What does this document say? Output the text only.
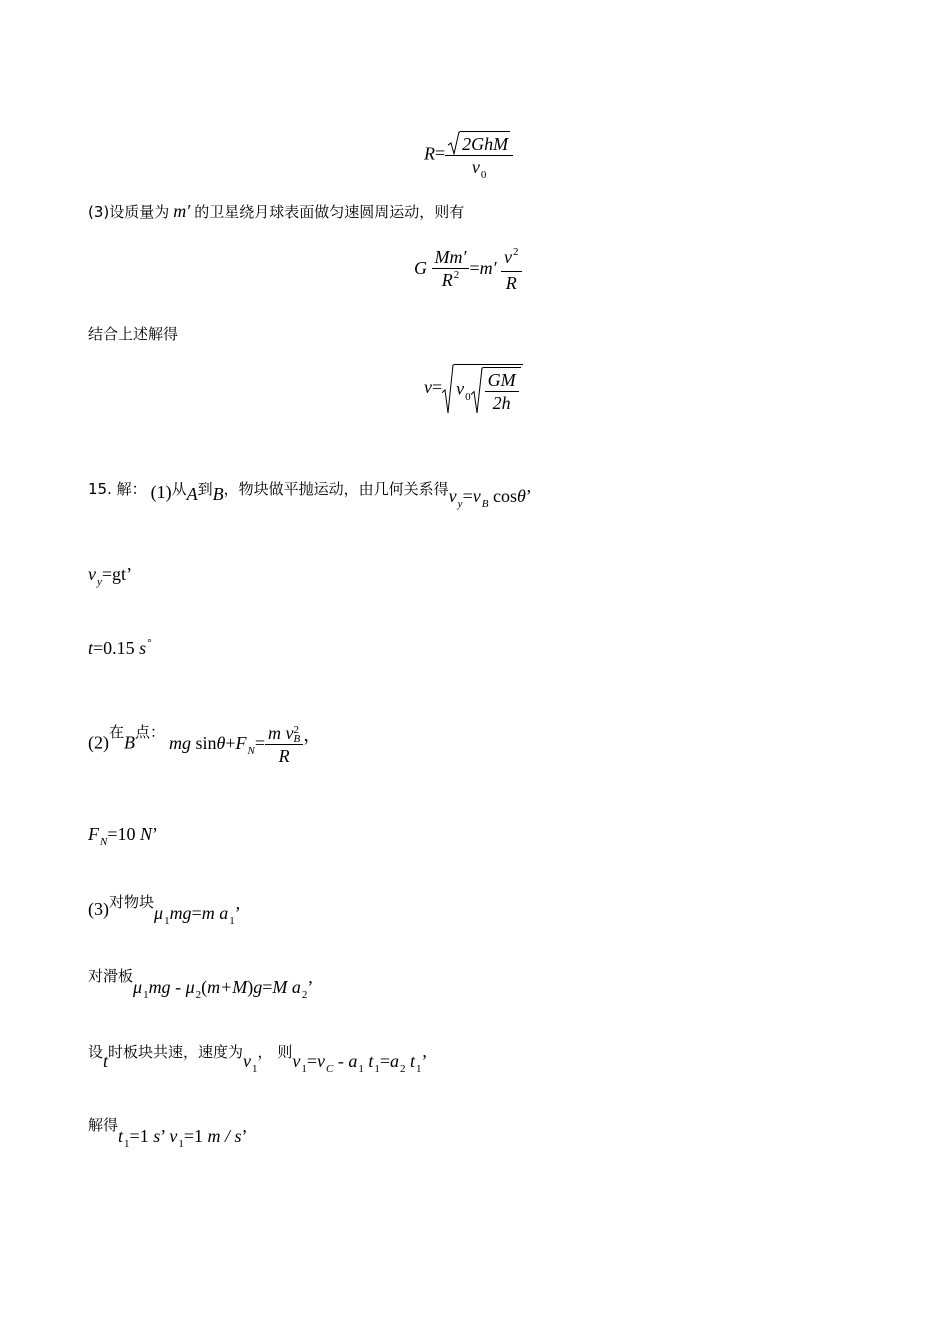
$R= \frac{\text{2GhM}}{v_0}$
(3)设质量为 m′ 的卫星绕月球表面做匀速圆周运动，则有
G $\frac{Mm'}{R^2} =m' \frac{v^2}{R}$
结合上述解得
$v= v_0 \frac{GM}{2h}$
15. 解： (1)从A到B，物块做平抛运动，由几何关系得$v_y=v_B$ cosθ’
$v_y=gt$’
t=0.15 s°
(2)在B点： mg $\sin\theta+F_N= m$ v 2
B
R ，
$F_N=10$ N’
(3)对物块$\mu_1mg=m$ $a_1$’
对滑板$\mu_1mg - \mu_2(m+M)g=M$ $a_2$’
设t时板块共速，速度为$v_1$， 则$v_1=v_C - a_1$ $t_1=a_2$ $t_1$’
解得$t_1=1$ s’ $v_1=1$ m / s’
